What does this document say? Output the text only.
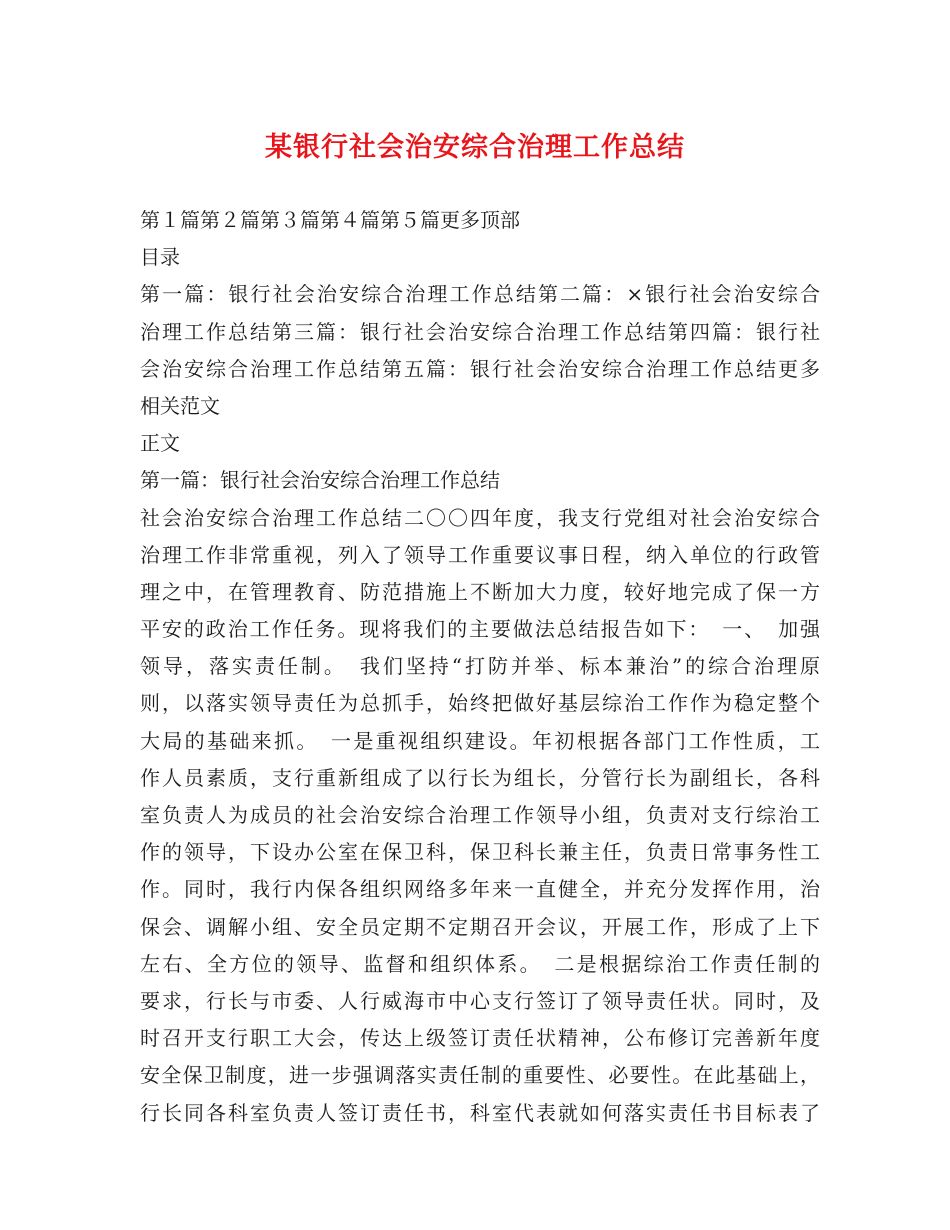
某银行社会治安综合治理工作总结
第１篇第２篇第３篇第４篇第５篇更多顶部
目录
第一篇：银行社会治安综合治理工作总结第二篇：×银行社会治安综合
治理工作总结第三篇：银行社会治安综合治理工作总结第四篇：银行社
会治安综合治理工作总结第五篇：银行社会治安综合治理工作总结更多
相关范文
正文
第一篇：银行社会治安综合治理工作总结
社会治安综合治理工作总结二〇〇四年度，我支行党组对社会治安综合
治理工作非常重视，列入了领导工作重要议事日程，纳入单位的行政管
理之中，在管理教育、防范措施上不断加大力度，较好地完成了保一方
平安的政治工作任务。现将我们的主要做法总结报告如下：　一、　加强
领导，落实责任制。　我们坚持“打防并举、标本兼治”的综合治理原
则，以落实领导责任为总抓手，始终把做好基层综治工作作为稳定整个
大局的基础来抓。　一是重视组织建设。年初根据各部门工作性质，工
作人员素质，支行重新组成了以行长为组长，分管行长为副组长，各科
室负责人为成员的社会治安综合治理工作领导小组，负责对支行综治工
作的领导，下设办公室在保卫科，保卫科长兼主任，负责日常事务性工
作。同时，我行内保各组织网络多年来一直健全，并充分发挥作用，治
保会、调解小组、安全员定期不定期召开会议，开展工作，形成了上下
左右、全方位的领导、监督和组织体系。　二是根据综治工作责任制的
要求，行长与市委、人行威海市中心支行签订了领导责任状。同时，及
时召开支行职工大会，传达上级签订责任状精神，公布修订完善新年度
安全保卫制度，进一步强调落实责任制的重要性、必要性。在此基础上，
行长同各科室负责人签订责任书，科室代表就如何落实责任书目标表了
